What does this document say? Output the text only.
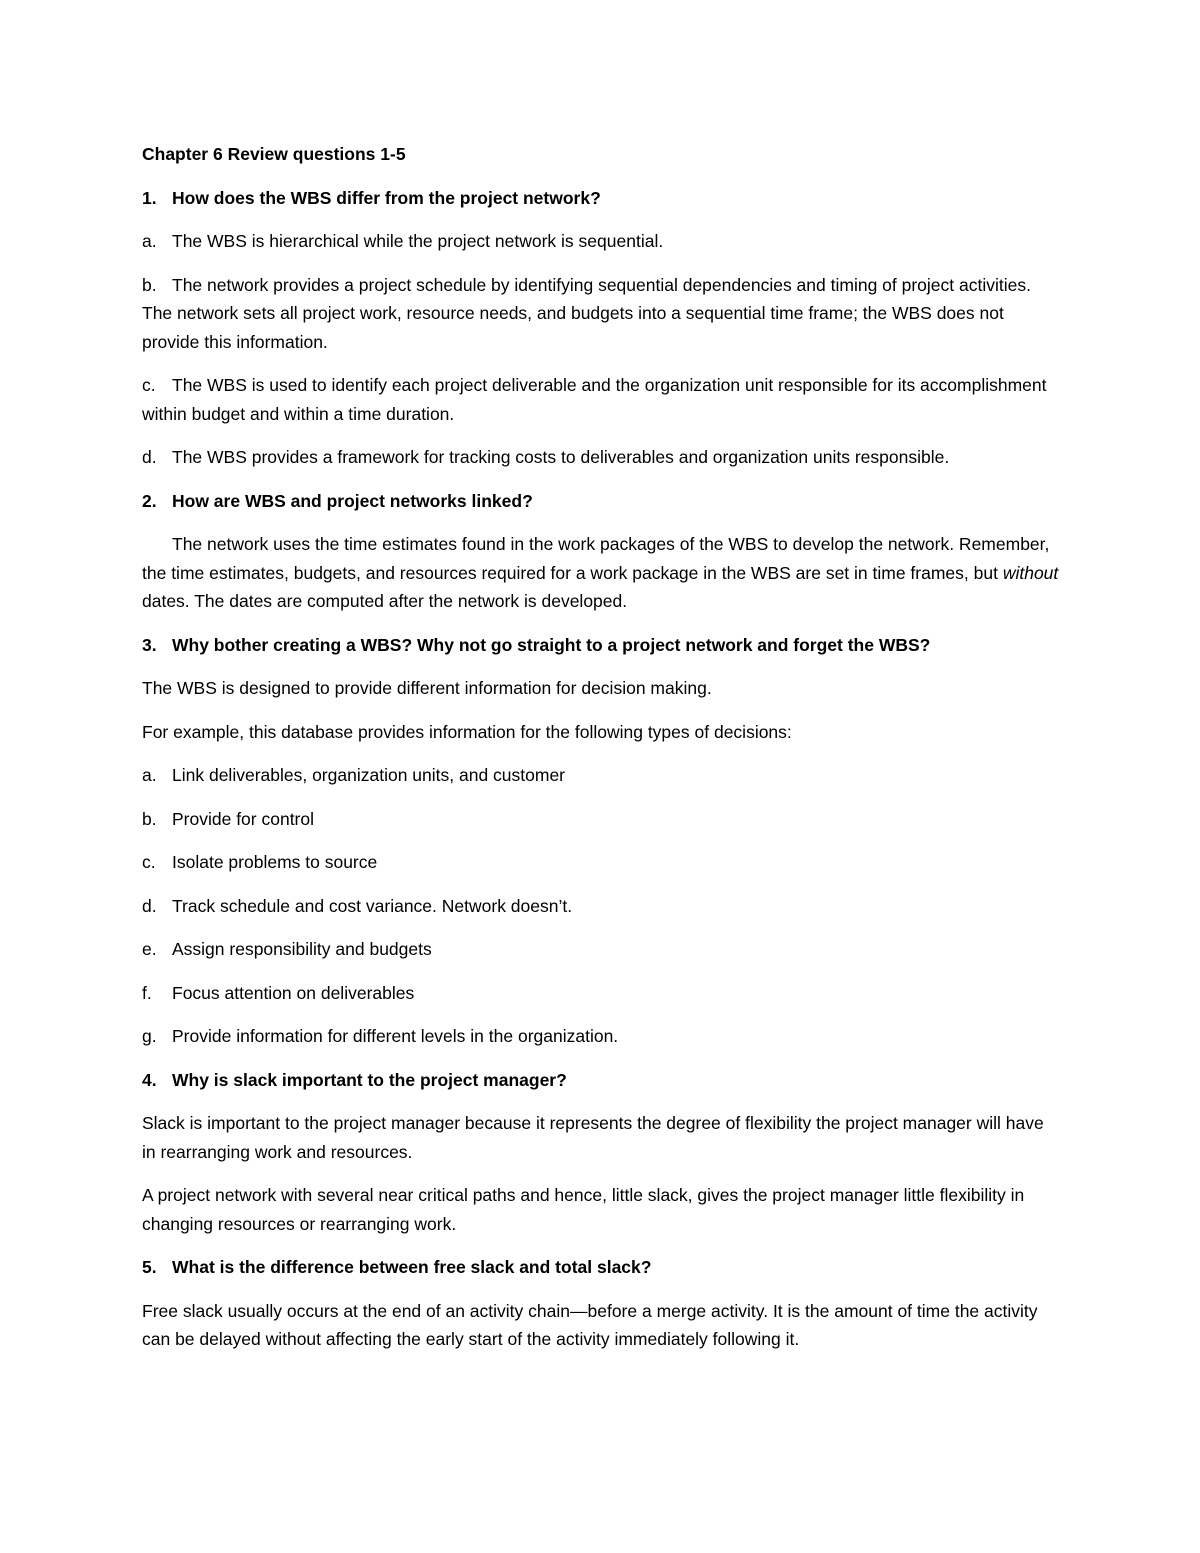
Chapter 6 Review questions 1-5
1. How does the WBS differ from the project network?
a. The WBS is hierarchical while the project network is sequential.
b. The network provides a project schedule by identifying sequential dependencies and timing of project activities. The network sets all project work, resource needs, and budgets into a sequential time frame; the WBS does not provide this information.
c. The WBS is used to identify each project deliverable and the organization unit responsible for its accomplishment within budget and within a time duration.
d. The WBS provides a framework for tracking costs to deliverables and organization units responsible.
2. How are WBS and project networks linked?
The network uses the time estimates found in the work packages of the WBS to develop the network. Remember, the time estimates, budgets, and resources required for a work package in the WBS are set in time frames, but without dates. The dates are computed after the network is developed.
3. Why bother creating a WBS? Why not go straight to a project network and forget the WBS?
The WBS is designed to provide different information for decision making.
For example, this database provides information for the following types of decisions:
a. Link deliverables, organization units, and customer
b. Provide for control
c. Isolate problems to source
d. Track schedule and cost variance. Network doesn’t.
e. Assign responsibility and budgets
f.	Focus attention on deliverables
g. Provide information for different levels in the organization.
4. Why is slack important to the project manager?
Slack is important to the project manager because it represents the degree of flexibility the project manager will have in rearranging work and resources.
A project network with several near critical paths and hence, little slack, gives the project manager little flexibility in changing resources or rearranging work.
5. What is the difference between free slack and total slack?
Free slack usually occurs at the end of an activity chain—before a merge activity. It is the amount of time the activity can be delayed without affecting the early start of the activity immediately following it.
